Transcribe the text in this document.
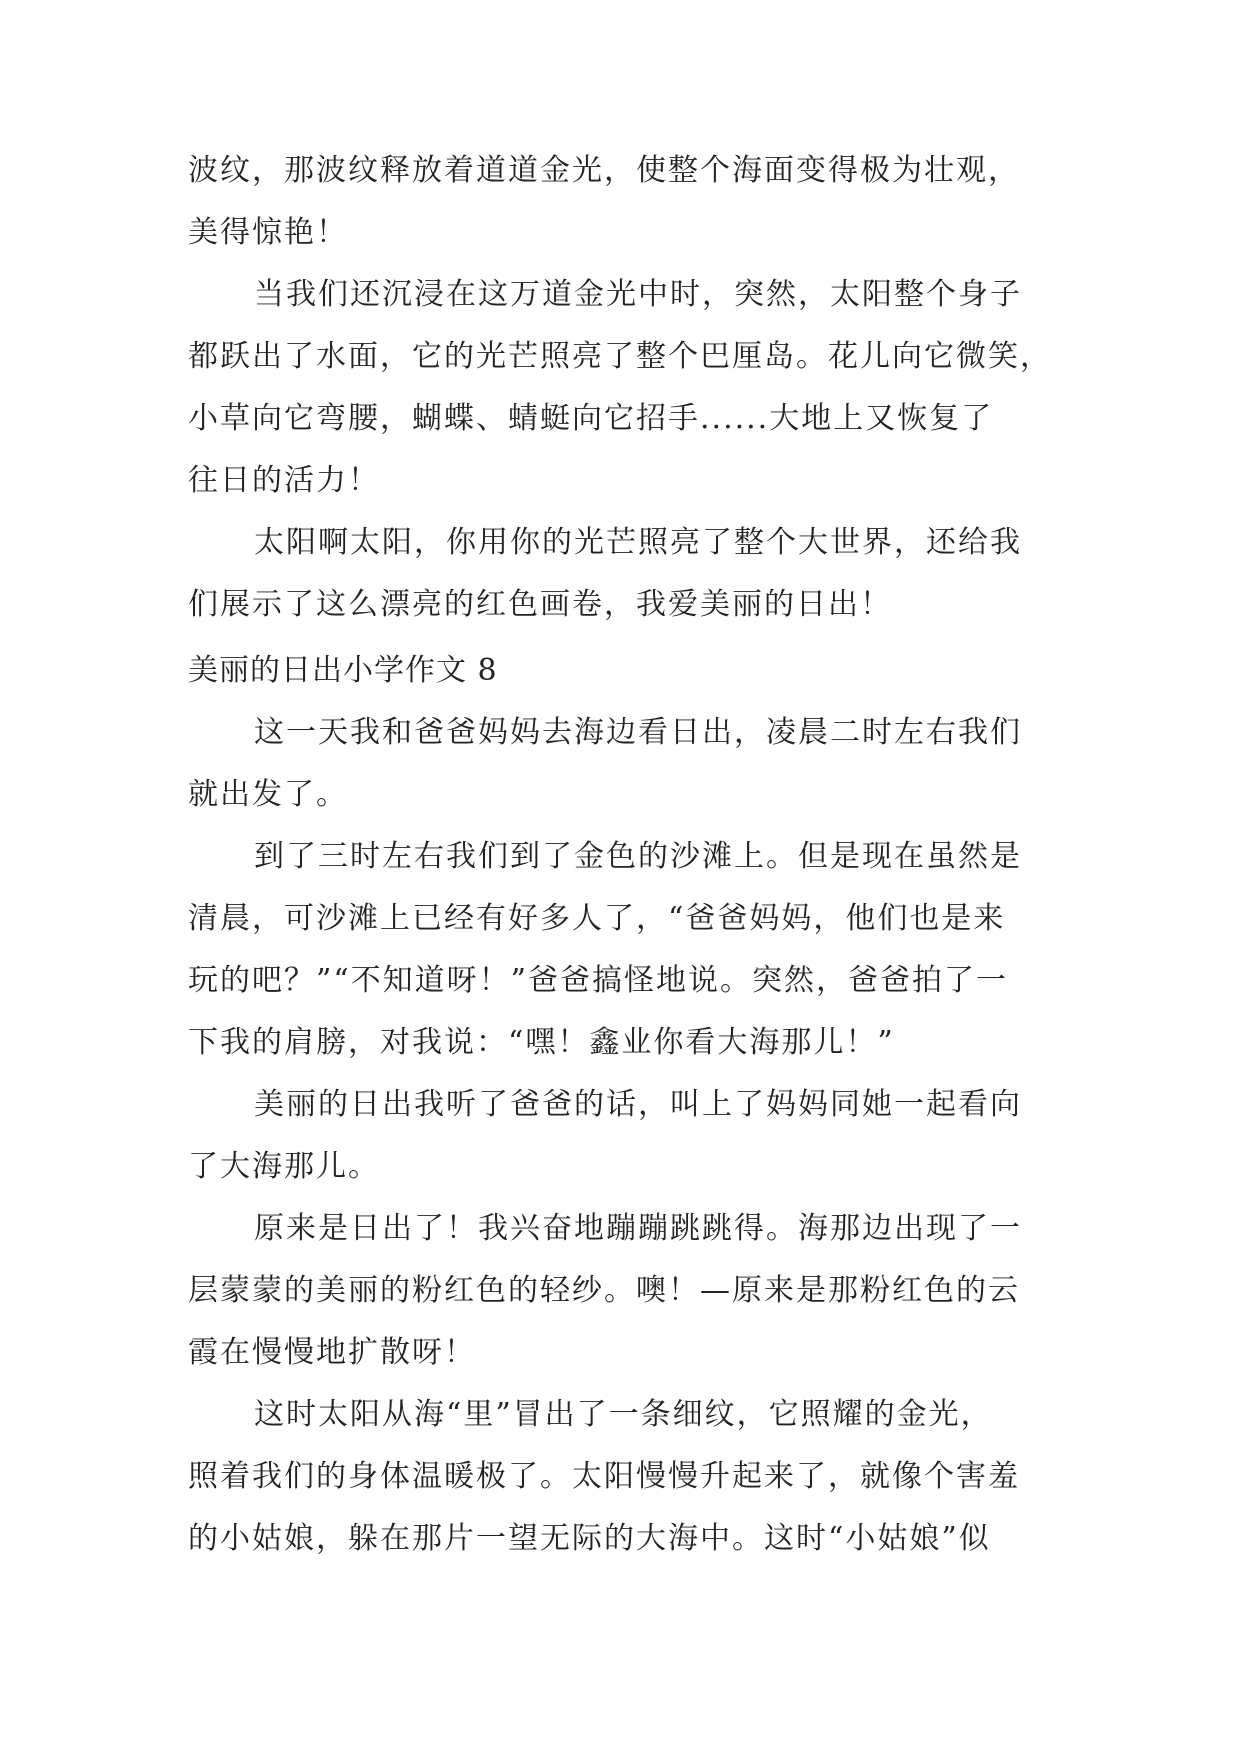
波纹，那波纹释放着道道金光，使整个海面变得极为壮观，
美得惊艳！
当我们还沉浸在这万道金光中时，突然，太阳整个身子
都跃出了水面，它的光芒照亮了整个巴厘岛。花儿向它微笑，
小草向它弯腰，蝴蝶、蜻蜓向它招手......大地上又恢复了
往日的活力！
太阳啊太阳，你用你的光芒照亮了整个大世界，还给我
们展示了这么漂亮的红色画卷，我爱美丽的日出！
美丽的日出小学作文 8
这一天我和爸爸妈妈去海边看日出，凌晨二时左右我们
就出发了。
到了三时左右我们到了金色的沙滩上。但是现在虽然是
清晨，可沙滩上已经有好多人了，“爸爸妈妈，他们也是来
玩的吧？”“不知道呀！”爸爸搞怪地说。突然，爸爸拍了一
下我的肩膀，对我说：“嘿！鑫业你看大海那儿！”
美丽的日出我听了爸爸的话，叫上了妈妈同她一起看向
了大海那儿。
原来是日出了！我兴奋地蹦蹦跳跳得。海那边出现了一
层蒙蒙的美丽的粉红色的轻纱。噢！—原来是那粉红色的云
霞在慢慢地扩散呀！
这时太阳从海“里”冒出了一条细纹，它照耀的金光，
照着我们的身体温暖极了。太阳慢慢升起来了，就像个害羞
的小姑娘，躲在那片一望无际的大海中。这时“小姑娘”似
